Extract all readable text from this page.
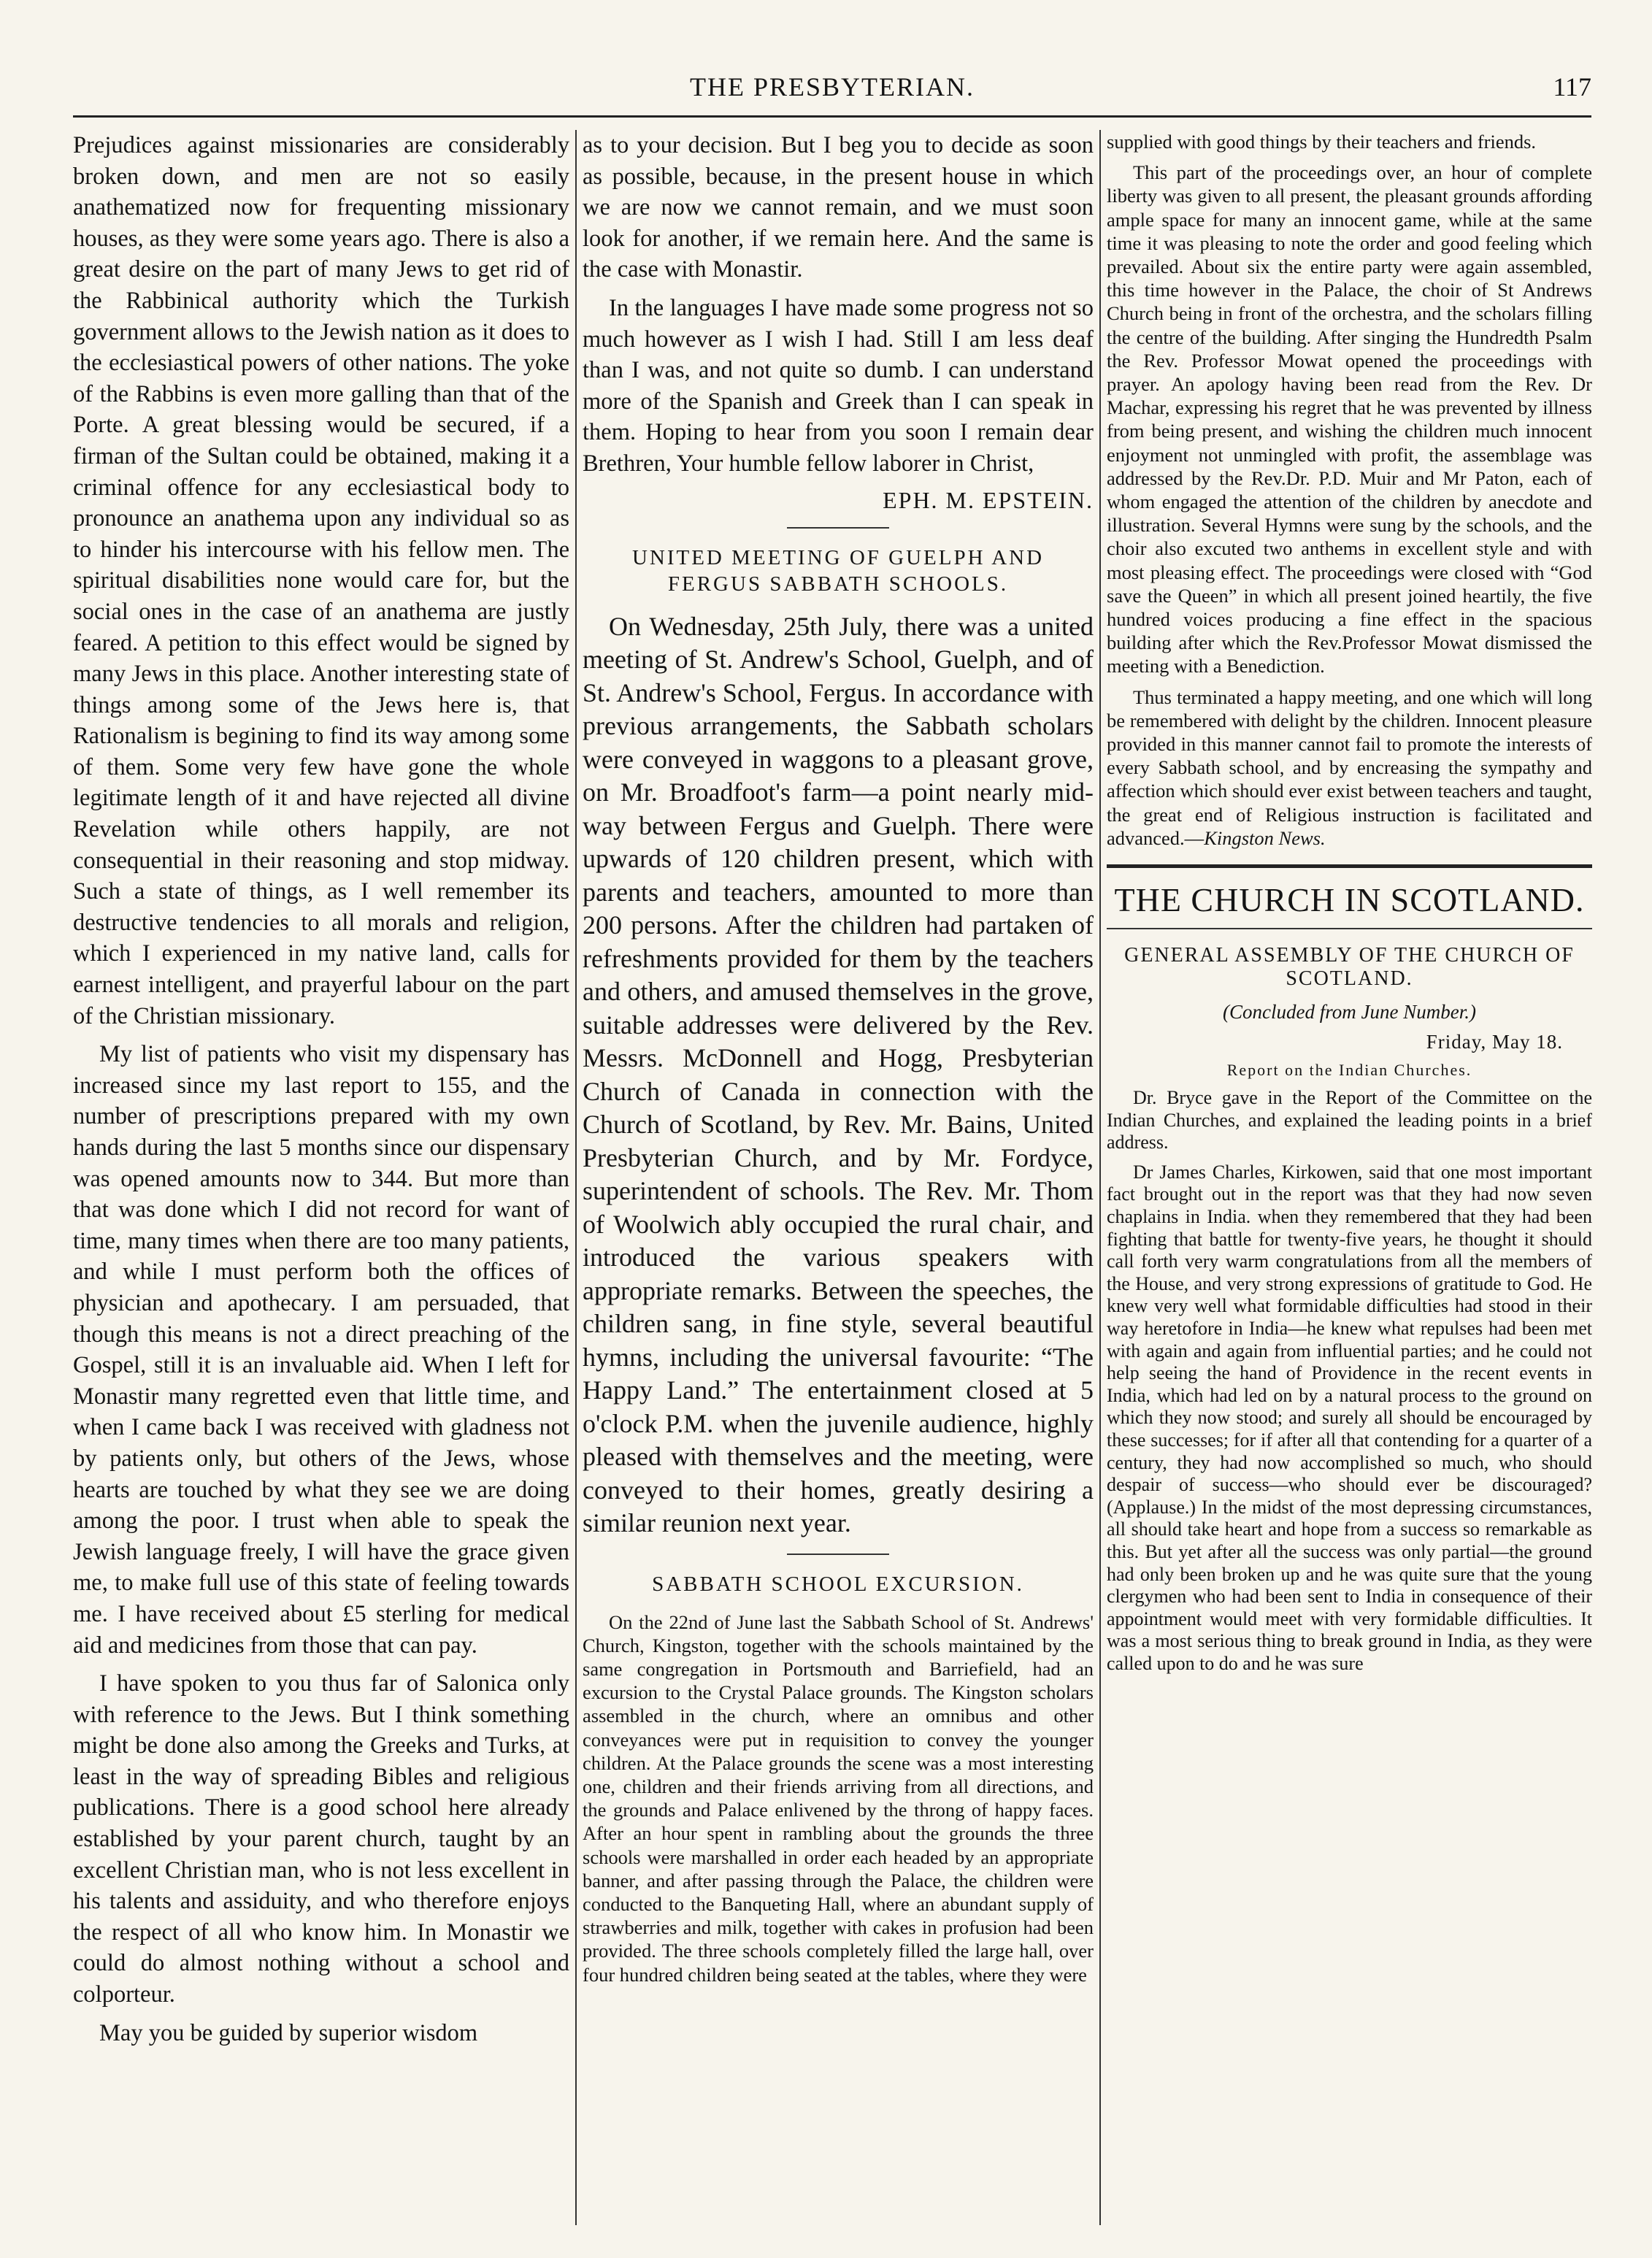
THE PRESBYTERIAN.	117

Prejudices against missionaries are considerably broken down, and men are not so easily anathematized now for frequenting missionary houses, as they were some years ago. There is also a great desire on the part of many Jews to get rid of the Rabbinical authority which the Turkish government allows to the Jewish nation as it does to the ecclesiastical powers of other nations. The yoke of the Rabbins is even more galling than that of the Porte. A great blessing would be secured, if a firman of the Sultan could be obtained, making it a criminal offence for any ecclesiastical body to pronounce an anathema upon any individual so as to hinder his intercourse with his fellow men. The spiritual disabilities none would care for, but the social ones in the case of an anathema are justly feared. A petition to this effect would be signed by many Jews in this place. Another interesting state of things among some of the Jews here is, that Rationalism is begining to find its way among some of them. Some very few have gone the whole legitimate length of it and have rejected all divine Revelation while others happily, are not consequential in their reasoning and stop midway. Such a state of things, as I well remember its destructive tendencies to all morals and religion, which I experienced in my native land, calls for earnest intelligent, and prayerful labour on the part of the Christian missionary.

My list of patients who visit my dispensary has increased since my last report to 155, and the number of prescriptions prepared with my own hands during the last 5 months since our dispensary was opened amounts now to 344. But more than that was done which I did not record for want of time, many times when there are too many patients, and while I must perform both the offices of physician and apothecary. I am persuaded, that though this means is not a direct preaching of the Gospel, still it is an invaluable aid. When I left for Monastir many regretted even that little time, and when I came back I was received with gladness not by patients only, but others of the Jews, whose hearts are touched by what they see we are doing among the poor. I trust when able to speak the Jewish language freely, I will have the grace given me, to make full use of this state of feeling towards me. I have received about £5 sterling for medical aid and medicines from those that can pay.

I have spoken to you thus far of Salonica only with reference to the Jews. But I think something might be done also among the Greeks and Turks, at least in the way of spreading Bibles and religious publications. There is a good school here already established by your parent church, taught by an excellent Christian man, who is not less excellent in his talents and assiduity, and who therefore enjoys the respect of all who know him. In Monastir we could do almost nothing without a school and colporteur.

May you be guided by superior wisdom

as to your decision. But I beg you to decide as soon as possible, because, in the present house in which we are now we cannot remain, and we must soon look for another, if we remain here. And the same is the case with Monastir.

In the languages I have made some progress not so much however as I wish I had. Still I am less deaf than I was, and not quite so dumb. I can understand more of the Spanish and Greek than I can speak in them. Hoping to hear from you soon I remain dear Brethren, Your humble fellow laborer in Christ,

EPH. M. EPSTEIN.
UNITED MEETING OF GUELPH AND FERGUS SABBATH SCHOOLS.

On Wednesday, 25th July, there was a united meeting of St. Andrew's School, Guelph, and of St. Andrew's School, Fergus. In accordance with previous arrangements, the Sabbath scholars were conveyed in waggons to a pleasant grove, on Mr. Broadfoot's farm—a point nearly mid-way between Fergus and Guelph. There were upwards of 120 children present, which with parents and teachers, amounted to more than 200 persons. After the children had partaken of refreshments provided for them by the teachers and others, and amused themselves in the grove, suitable addresses were delivered by the Rev. Messrs. McDonnell and Hogg, Presbyterian Church of Canada in connection with the Church of Scotland, by Rev. Mr. Bains, United Presbyterian Church, and by Mr. Fordyce, superintendent of schools. The Rev. Mr. Thom of Woolwich ably occupied the rural chair, and introduced the various speakers with appropriate remarks. Between the speeches, the children sang, in fine style, several beautiful hymns, including the universal favourite: “The Happy Land.” The entertainment closed at 5 o'clock P.M. when the juvenile audience, highly pleased with themselves and the meeting, were conveyed to their homes, greatly desiring a similar reunion next year.

SABBATH SCHOOL EXCURSION.

On the 22nd of June last the Sabbath School of St. Andrews' Church, Kingston, together with the schools maintained by the same congregation in Portsmouth and Barriefield, had an excursion to the Crystal Palace grounds. The Kingston scholars assembled in the church, where an omnibus and other conveyances were put in requisition to convey the younger children. At the Palace grounds the scene was a most interesting one, children and their friends arriving from all directions, and the grounds and Palace enlivened by the throng of happy faces. After an hour spent in rambling about the grounds the three schools were marshalled in order each headed by an appropriate banner, and after passing through the Palace, the children were conducted to the Banqueting Hall, where an abundant supply of strawberries and milk, together with cakes in profusion had been provided. The three schools completely filled the large hall, over four hundred children being seated at the tables, where they were

supplied with good things by their teachers and friends.

This part of the proceedings over, an hour of complete liberty was given to all present, the pleasant grounds affording ample space for many an innocent game, while at the same time it was pleasing to note the order and good feeling which prevailed. About six the entire party were again assembled, this time however in the Palace, the choir of St Andrews Church being in front of the orchestra, and the scholars filling the centre of the building. After singing the Hundredth Psalm the Rev. Professor Mowat opened the proceedings with prayer. An apology having been read from the Rev. Dr Machar, expressing his regret that he was prevented by illness from being present, and wishing the children much innocent enjoyment not unmingled with profit, the assemblage was addressed by the Rev.Dr. P.D. Muir and Mr Paton, each of whom engaged the attention of the children by anecdote and illustration. Several Hymns were sung by the schools, and the choir also excuted two anthems in excellent style and with most pleasing effect. The proceedings were closed with “God save the Queen” in which all present joined heartily, the five hundred voices producing a fine effect in the spacious building after which the Rev.Professor Mowat dismissed the meeting with a Benediction.

Thus terminated a happy meeting, and one which will long be remembered with delight by the children. Innocent pleasure provided in this manner cannot fail to promote the interests of every Sabbath school, and by encreasing the sympathy and affection which should ever exist between teachers and taught, the great end of Religious instruction is facilitated and advanced.—Kingston News.

THE CHURCH IN SCOTLAND.
GENERAL ASSEMBLY OF THE CHURCH OF SCOTLAND.
(Concluded from June Number.)
Friday, May 18.
Report on the Indian Churches.

Dr. Bryce gave in the Report of the Committee on the Indian Churches, and explained the leading points in a brief address.

Dr James Charles, Kirkowen, said that one most important fact brought out in the report was that they had now seven chaplains in India. when they remembered that they had been fighting that battle for twenty-five years, he thought it should call forth very warm congratulations from all the members of the House, and very strong expressions of gratitude to God. He knew very well what formidable difficulties had stood in their way heretofore in India—he knew what repulses had been met with again and again from influential parties; and he could not help seeing the hand of Providence in the recent events in India, which had led on by a natural process to the ground on which they now stood; and surely all should be encouraged by these successes; for if after all that contending for a quarter of a century, they had now accomplished so much, who should despair of success—who should ever be discouraged? (Applause.) In the midst of the most depressing circumstances, all should take heart and hope from a success so remarkable as this. But yet after all the success was only partial—the ground had only been broken up and he was quite sure that the young clergymen who had been sent to India in consequence of their appointment would meet with very formidable difficulties. It was a most serious thing to break ground in India, as they were called upon to do and he was sure
